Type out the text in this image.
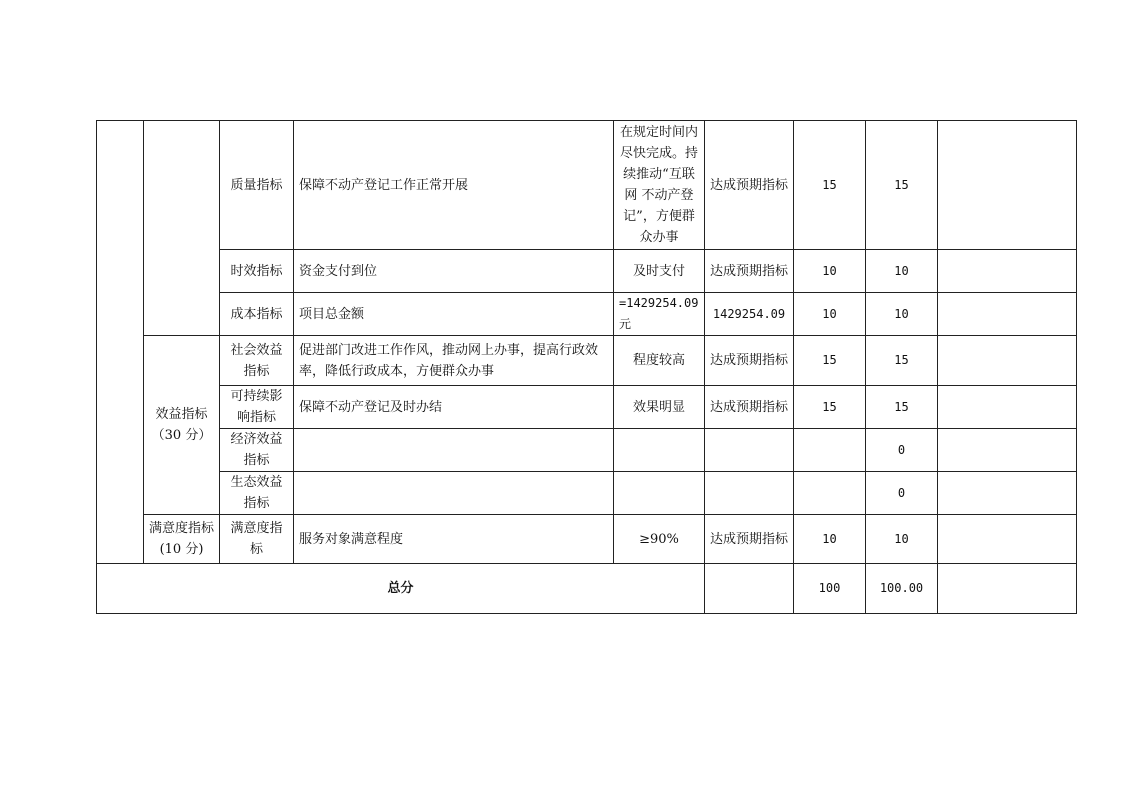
		质量指标	保障不动产登记工作正常开展	在规定时间内尽快完成。持续推动“互联网 不动产登记”，方便群众办事	达成预期指标	15	15	
		时效指标	资金支付到位	及时支付	达成预期指标	10	10	
		成本指标	项目总金额	=1429254.09元	1429254.09	10	10	
	效益指标（30 分）	社会效益指标	促进部门改进工作作风，推动网上办事，提高行政效率，降低行政成本，方便群众办事	程度较高	达成预期指标	15	15	
		可持续影响指标	保障不动产登记及时办结	效果明显	达成预期指标	15	15	
		经济效益指标					0	
		生态效益指标					0	
	满意度指标(10 分)	满意度指标	服务对象满意程度	≥90%	达成预期指标	10	10	
总分						100	100.00	
